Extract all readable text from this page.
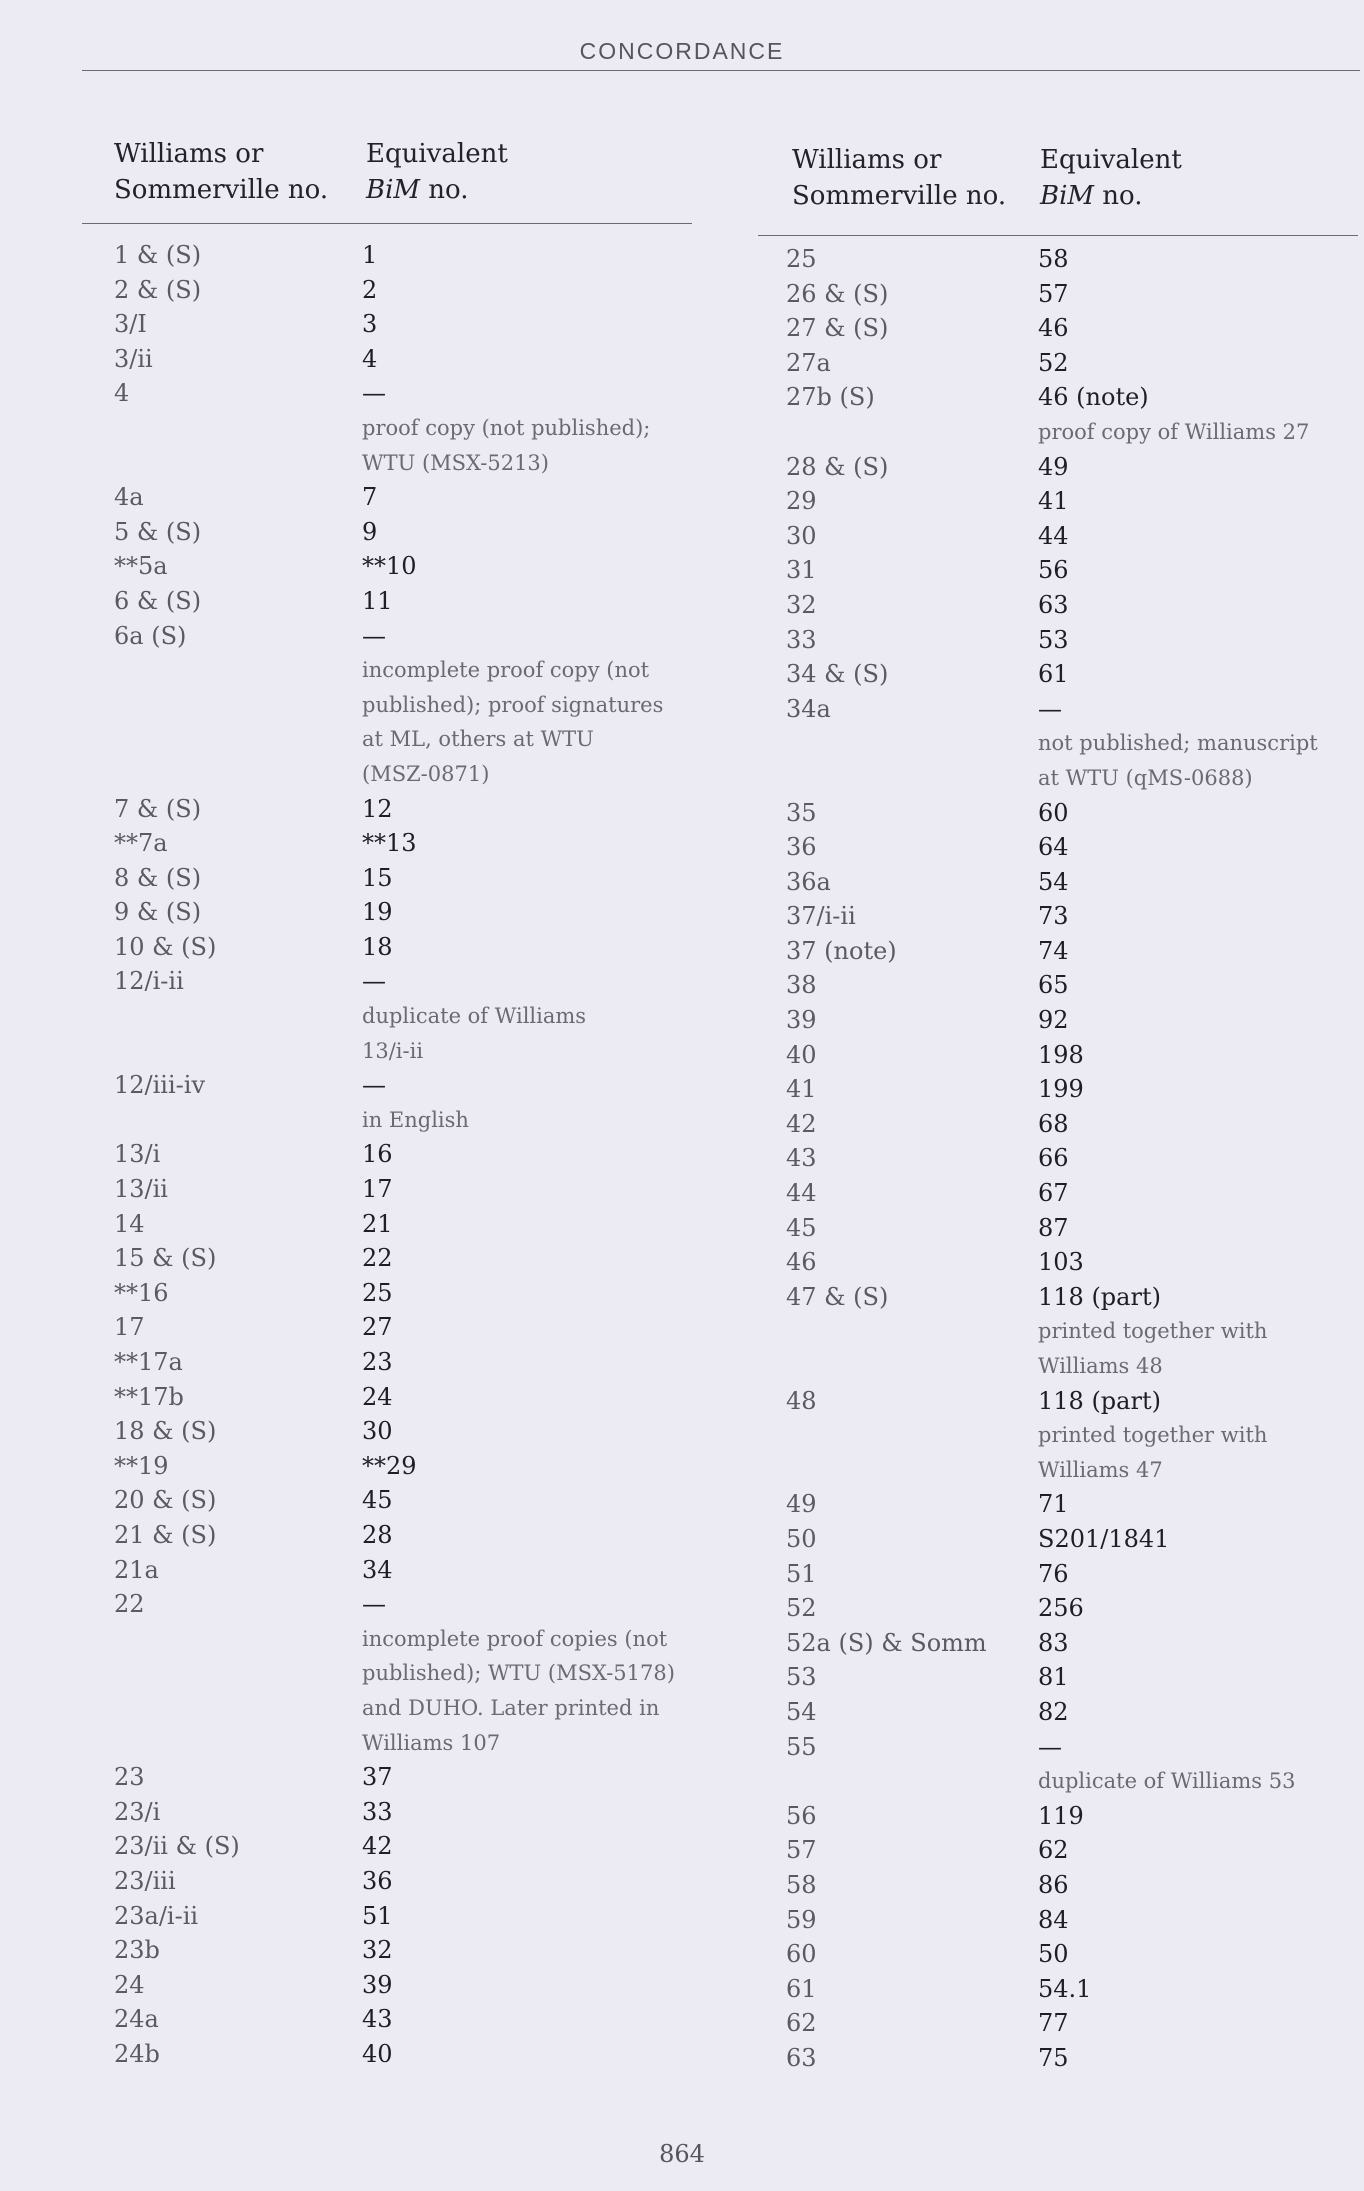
CONCORDANCE
Williams or
Sommerville no.
Equivalent
BiM no.
1 & (S)	1
2 & (S)	2
3/I	3
3/ii	4
4	—
proof copy (not published);
WTU (MSX-5213)
4a	7
5 & (S)	9
**5a	**10
6 & (S)	11
6a (S)	—
incomplete proof copy (not
published); proof signatures
at ML, others at WTU
(MSZ-0871)
7 & (S)	12
**7a	**13
8 & (S)	15
9 & (S)	19
10 & (S)	18
12/i-ii	—
duplicate of Williams
13/i-ii
12/iii-iv	—
in English
13/i	16
13/ii	17
14	21
15 & (S)	22
**16	25
17	27
**17a	23
**17b	24
18 & (S)	30
**19	**29
20 & (S)	45
21 & (S)	28
21a	34
22	—
incomplete proof copies (not
published); WTU (MSX-5178)
and DUHO. Later printed in
Williams 107
23	37
23/i	33
23/ii & (S)	42
23/iii	36
23a/i-ii	51
23b	32
24	39
24a	43
24b	40
Williams or
Sommerville no.
Equivalent
BiM no.
25	58
26 & (S)	57
27 & (S)	46
27a	52
27b (S)	46 (note)
proof copy of Williams 27
28 & (S)	49
29	41
30	44
31	56
32	63
33	53
34 & (S)	61
34a	—
not published; manuscript
at WTU (qMS-0688)
35	60
36	64
36a	54
37/i-ii	73
37 (note)	74
38	65
39	92
40	198
41	199
42	68
43	66
44	67
45	87
46	103
47 & (S)	118 (part)
printed together with
Williams 48
48	118 (part)
printed together with
Williams 47
49	71
50	S201/1841
51	76
52	256
52a (S) & Somm 83
53	81
54	82
55	—
duplicate of Williams 53
56	119
57	62
58	86
59	84
60	50
61	54.1
62	77
63	75
864
